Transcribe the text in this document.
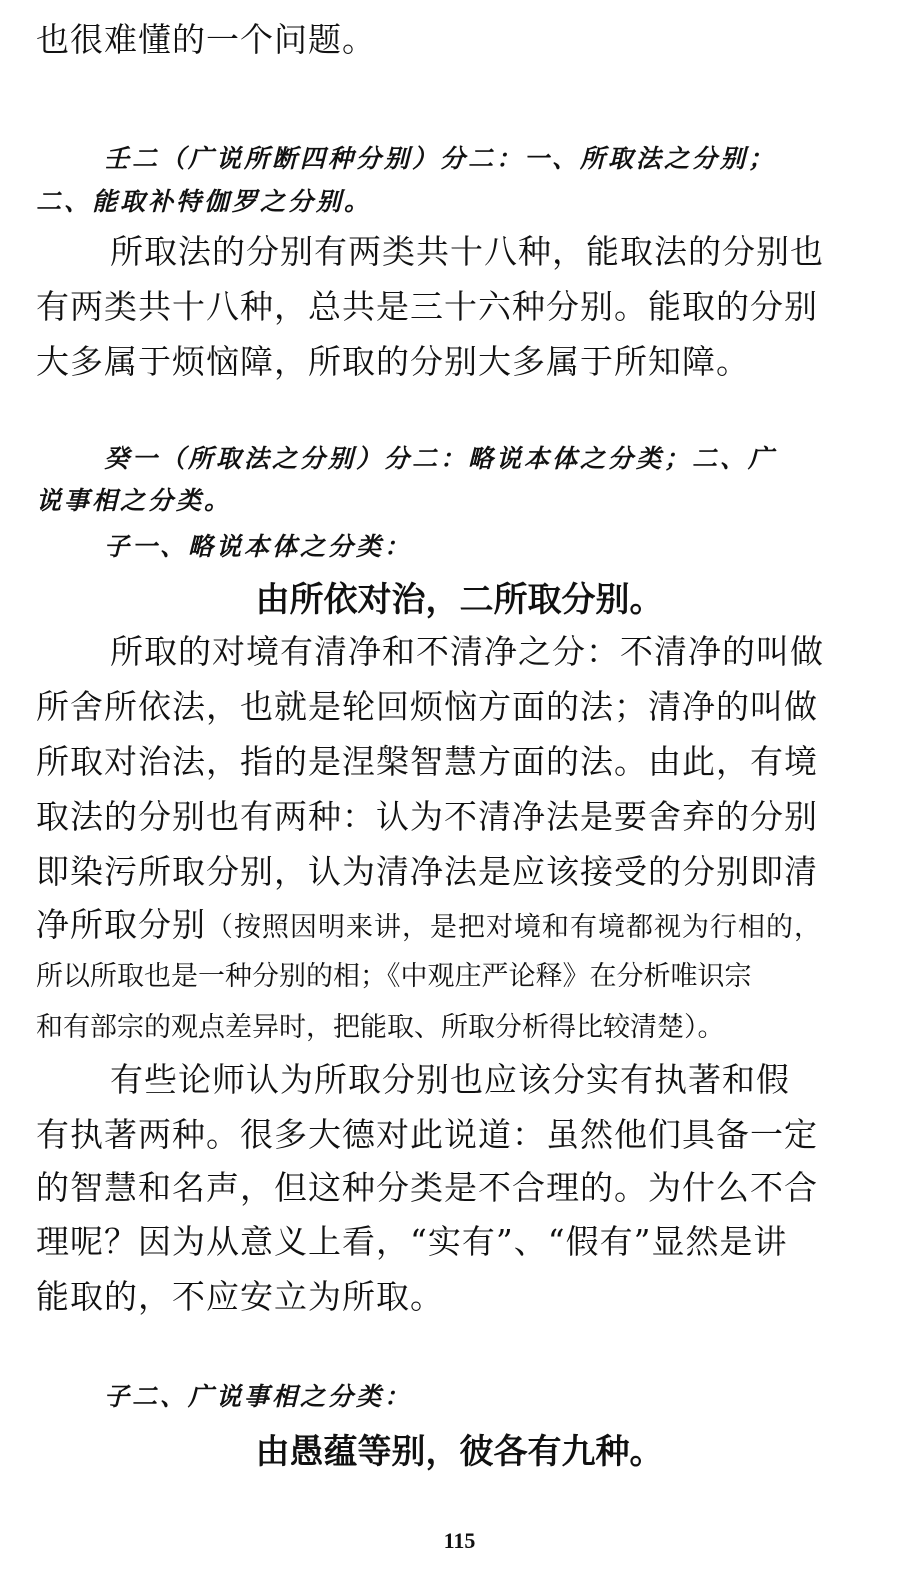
也很难懂的一个问题。
壬二（广说所断四种分别）分二：一、所取法之分别；
二、能取补特伽罗之分别。
所取法的分别有两类共十八种，能取法的分别也
有两类共十八种，总共是三十六种分别。能取的分别
大多属于烦恼障，所取的分别大多属于所知障。
癸一（所取法之分别）分二：略说本体之分类；二、广
说事相之分类。
子一、略说本体之分类：
由所依对治，二所取分别。
所取的对境有清净和不清净之分：不清净的叫做
所舍所依法，也就是轮回烦恼方面的法；清净的叫做
所取对治法，指的是涅槃智慧方面的法。由此，有境
取法的分别也有两种：认为不清净法是要舍弃的分别
即染污所取分别，认为清净法是应该接受的分别即清
净所取分别（按照因明来讲，是把对境和有境都视为行相的，
所以所取也是一种分别的相；《中观庄严论释》在分析唯识宗
和有部宗的观点差异时，把能取、所取分析得比较清楚）。
有些论师认为所取分别也应该分实有执著和假
有执著两种。很多大德对此说道：虽然他们具备一定
的智慧和名声，但这种分类是不合理的。为什么不合
理呢？因为从意义上看，“实有”、“假有”显然是讲
能取的，不应安立为所取。
子二、广说事相之分类：
由愚蕴等别，彼各有九种。
115
